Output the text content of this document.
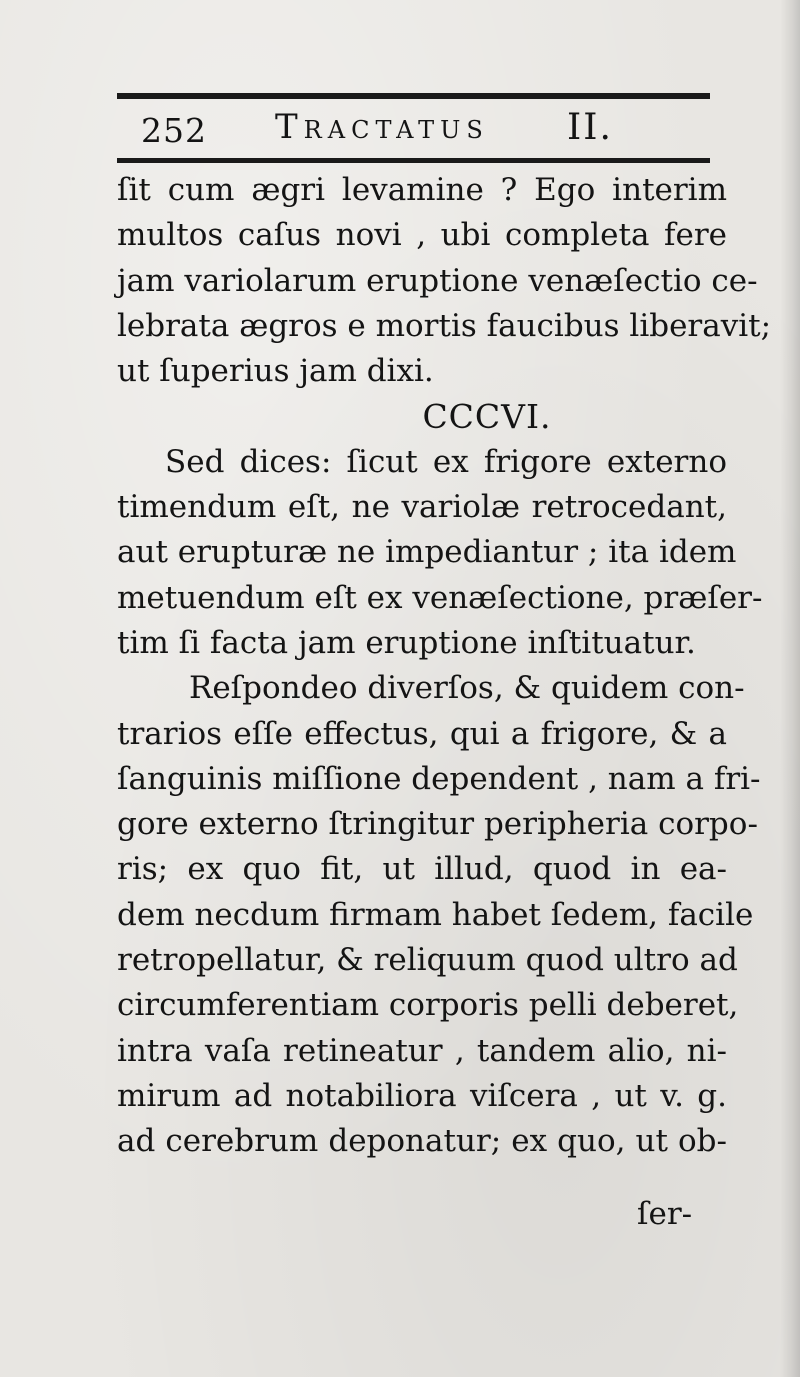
252 Tractatus II.
ſit cum ægri levamine ? Ego interim
multos caſus novi , ubi completa fere
jam variolarum eruptione venæſectio ce-
lebrata ægros e mortis faucibus liberavit;
ut ſuperius jam dixi.
CCCVI.
Sed dices: ſicut ex frigore externo
timendum eſt, ne variolæ retrocedant,
aut erupturæ ne impediantur ; ita idem
metuendum eſt ex venæſectione, præſer-
tim ſi facta jam eruptione inſtituatur.
Reſpondeo diverſos, & quidem con-
trarios eſſe effectus, qui a frigore, & a
ſanguinis miſſione dependent , nam a fri-
gore externo ſtringitur peripheria corpo-
ris; ex quo fit, ut illud, quod in ea-
dem necdum firmam habet ſedem, facile
retropellatur, & reliquum quod ultro ad
circumferentiam corporis pelli deberet,
intra vaſa retineatur , tandem alio, ni-
mirum ad notabiliora viſcera , ut v. g.
ad cerebrum deponatur; ex quo, ut ob-
ſer-
